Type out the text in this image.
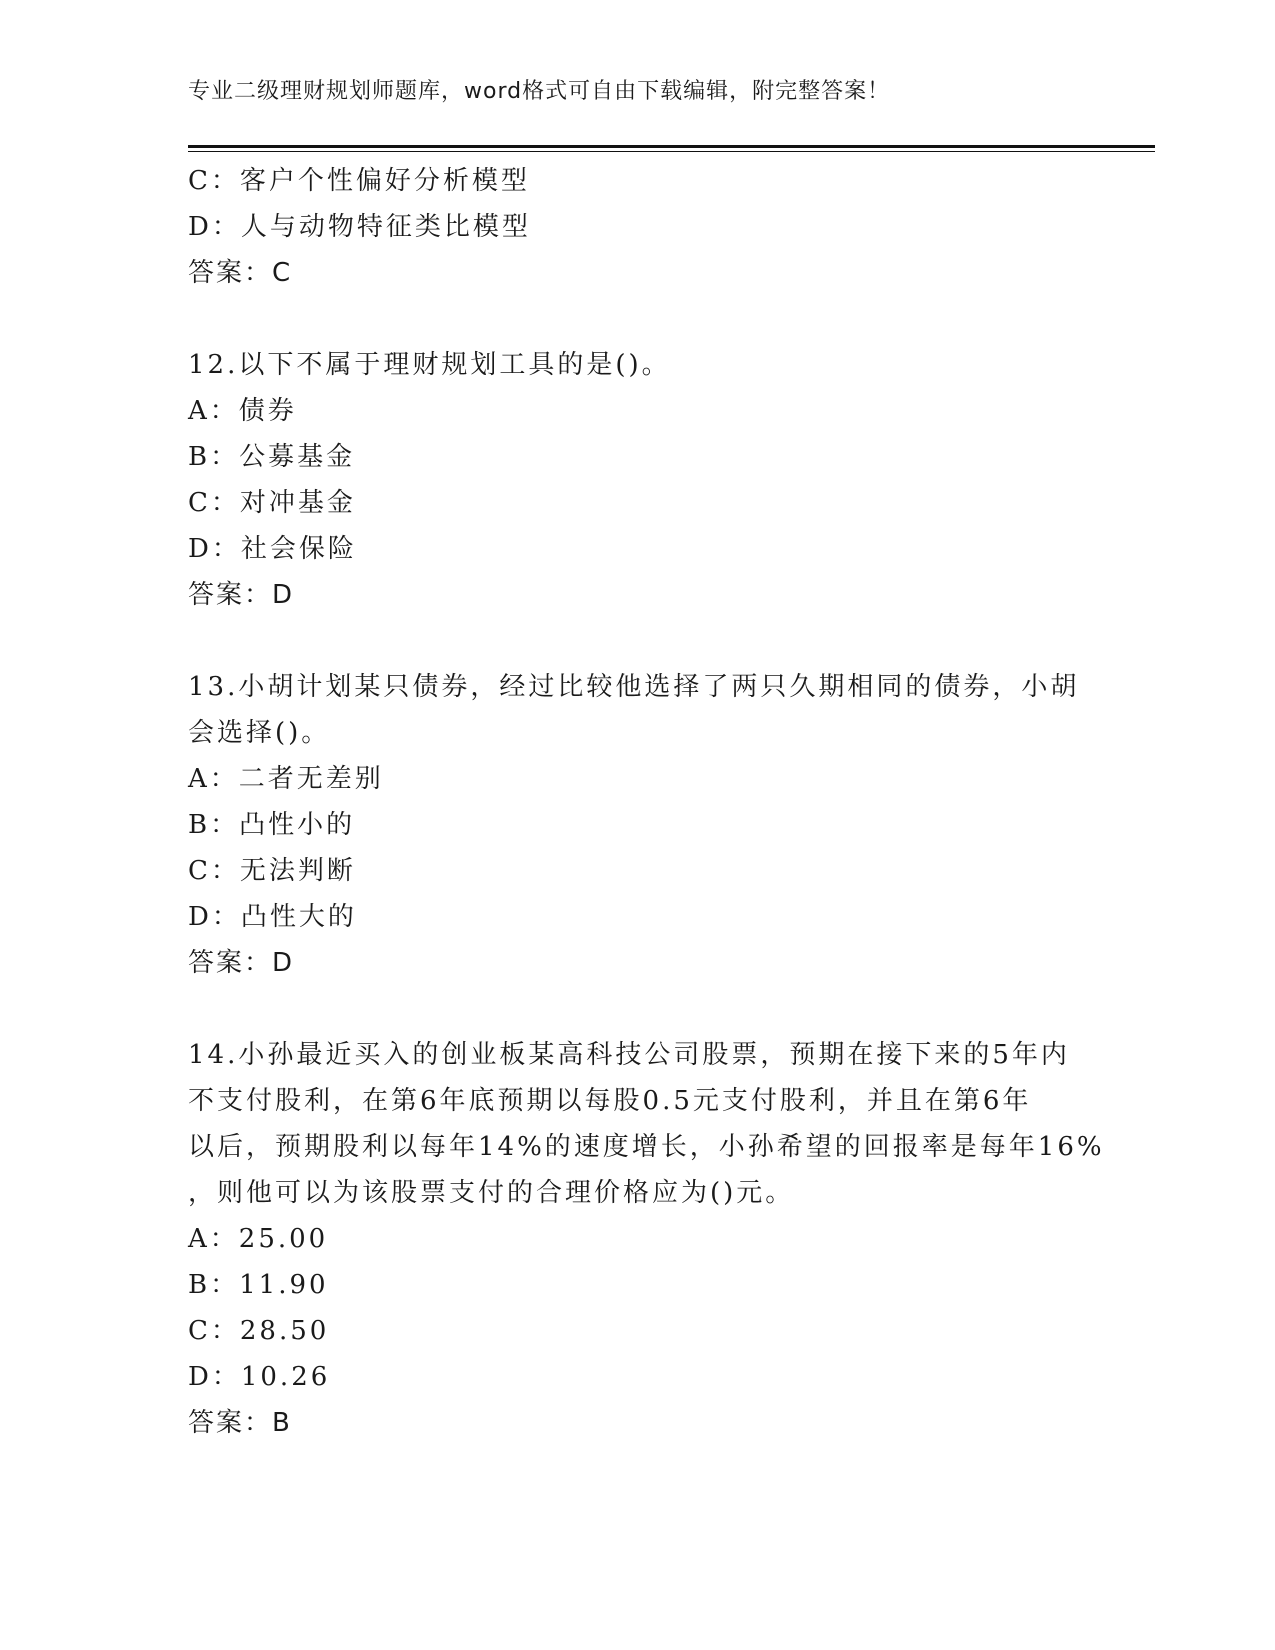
专业二级理财规划师题库，word格式可自由下载编辑，附完整答案！
C：客户个性偏好分析模型
D：人与动物特征类比模型
答案：C
12.以下不属于理财规划工具的是()。
A：债券
B：公募基金
C：对冲基金
D：社会保险
答案：D
13.小胡计划某只债券，经过比较他选择了两只久期相同的债券，小胡
会选择()。
A：二者无差别
B：凸性小的
C：无法判断
D：凸性大的
答案：D
14.小孙最近买入的创业板某高科技公司股票，预期在接下来的5年内
不支付股利，在第6年底预期以每股0.5元支付股利，并且在第6年
以后，预期股利以每年14%的速度增长，小孙希望的回报率是每年16%
，则他可以为该股票支付的合理价格应为()元。
A：25.00
B：11.90
C：28.50
D：10.26
答案：B
